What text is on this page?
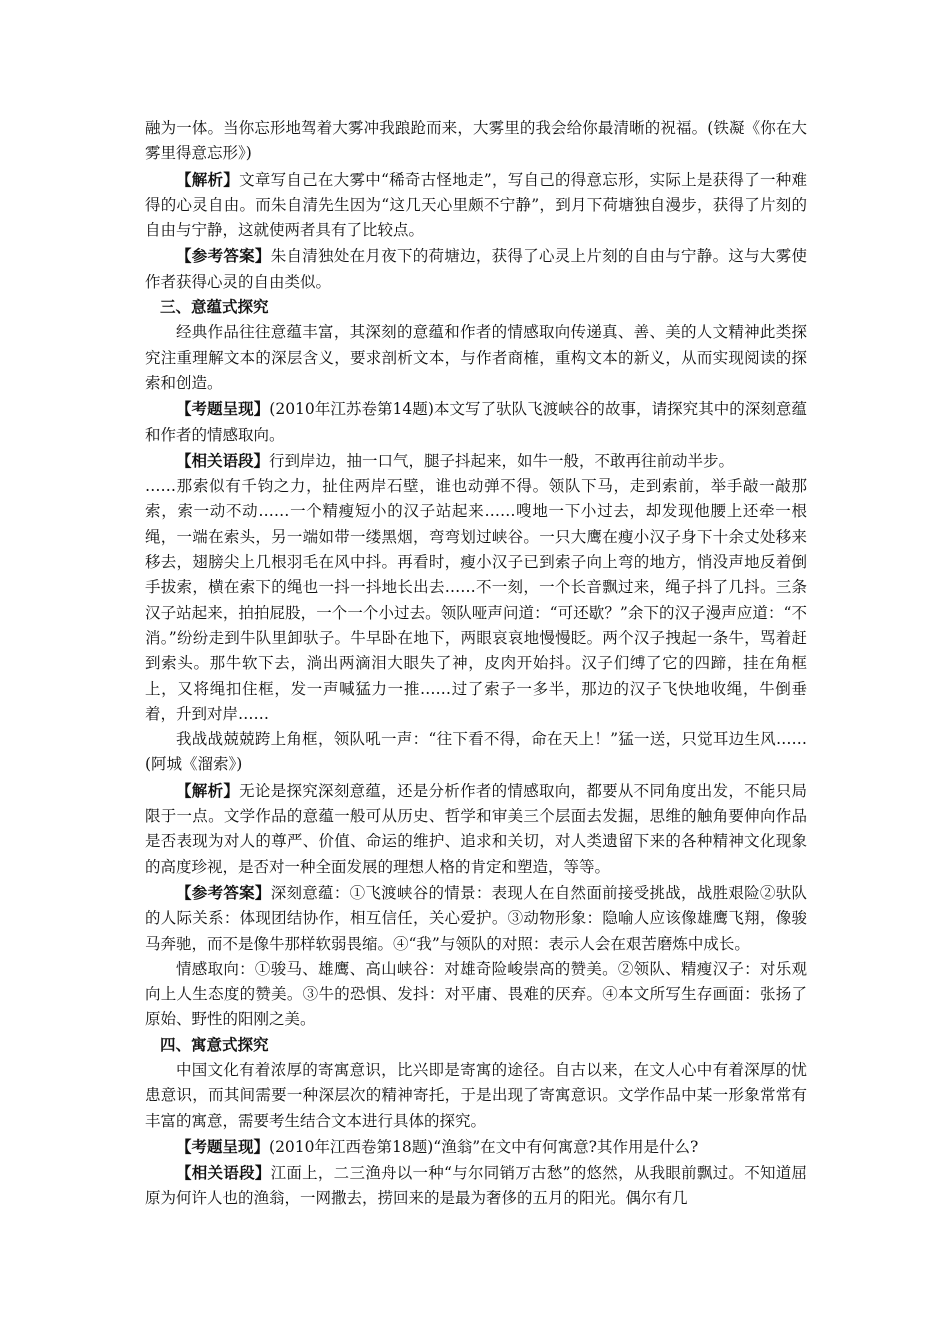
融为一体。当你忘形地驾着大雾冲我踉跄而来，大雾里的我会给你最清晰的祝福。(铁凝《你在大雾里得意忘形》)

【解析】文章写自己在大雾中“稀奇古怪地走”，写自己的得意忘形，实际上是获得了一种难得的心灵自由。而朱自清先生因为“这几天心里颇不宁静”，到月下荷塘独自漫步，获得了片刻的自由与宁静，这就使两者具有了比较点。

【参考答案】朱自清独处在月夜下的荷塘边，获得了心灵上片刻的自由与宁静。这与大雾使作者获得心灵的自由类似。

三、意蕴式探究

经典作品往往意蕴丰富，其深刻的意蕴和作者的情感取向传递真、善、美的人文精神此类探究注重理解文本的深层含义，要求剖析文本，与作者商榷，重构文本的新义，从而实现阅读的探索和创造。

【考题呈现】(2010年江苏卷第14题)本文写了驮队飞渡峡谷的故事，请探究其中的深刻意蕴和作者的情感取向。

【相关语段】行到岸边，抽一口气，腿子抖起来，如牛一般，不敢再往前动半步。

……那索似有千钧之力，扯住两岸石壁，谁也动弹不得。领队下马，走到索前，举手敲一敲那索，索一动不动……一个精瘦短小的汉子站起来……嗖地一下小过去，却发现他腰上还牵一根绳，一端在索头，另一端如带一缕黑烟，弯弯划过峡谷。一只大鹰在瘦小汉子身下十余丈处移来移去，翅膀尖上几根羽毛在风中抖。再看时，瘦小汉子已到索子向上弯的地方，悄没声地反着倒手拔索，横在索下的绳也一抖一抖地长出去……不一刻，一个长音飘过来，绳子抖了几抖。三条汉子站起来，拍拍屁股，一个一个小过去。领队哑声问道：“可还歇？”余下的汉子漫声应道：“不消。”纷纷走到牛队里卸驮子。牛早卧在地下，两眼哀哀地慢慢眨。两个汉子拽起一条牛，骂着赶到索头。那牛软下去，淌出两滴泪大眼失了神，皮肉开始抖。汉子们缚了它的四蹄，挂在角框上，又将绳扣住框，发一声喊猛力一推……过了索子一多半，那边的汉子飞快地收绳，牛倒垂着，升到对岸……

我战战兢兢跨上角框，领队吼一声：“往下看不得，命在天上！”猛一送，只觉耳边生风……(阿城《溜索》)

【解析】无论是探究深刻意蕴，还是分析作者的情感取向，都要从不同角度出发，不能只局限于一点。文学作品的意蕴一般可从历史、哲学和审美三个层面去发掘，思维的触角要伸向作品是否表现为对人的尊严、价值、命运的维护、追求和关切，对人类遗留下来的各种精神文化现象的高度珍视，是否对一种全面发展的理想人格的肯定和塑造，等等。

【参考答案】深刻意蕴：①飞渡峡谷的情景：表现人在自然面前接受挑战，战胜艰险②驮队的人际关系：体现团结协作，相互信任，关心爱护。③动物形象：隐喻人应该像雄鹰飞翔，像骏马奔驰，而不是像牛那样软弱畏缩。④“我”与领队的对照：表示人会在艰苦磨炼中成长。

情感取向：①骏马、雄鹰、高山峡谷：对雄奇险峻崇高的赞美。②领队、精瘦汉子：对乐观向上人生态度的赞美。③牛的恐惧、发抖：对平庸、畏难的厌弃。④本文所写生存画面：张扬了原始、野性的阳刚之美。

四、寓意式探究

中国文化有着浓厚的寄寓意识，比兴即是寄寓的途径。自古以来，在文人心中有着深厚的忧患意识，而其间需要一种深层次的精神寄托，于是出现了寄寓意识。文学作品中某一形象常常有丰富的寓意，需要考生结合文本进行具体的探究。

【考题呈现】(2010年江西卷第18题)“渔翁”在文中有何寓意?其作用是什么?

【相关语段】江面上，二三渔舟以一种“与尔同销万古愁”的悠然，从我眼前飘过。不知道屈原为何许人也的渔翁，一网撒去，捞回来的是最为奢侈的五月的阳光。偶尔有几
